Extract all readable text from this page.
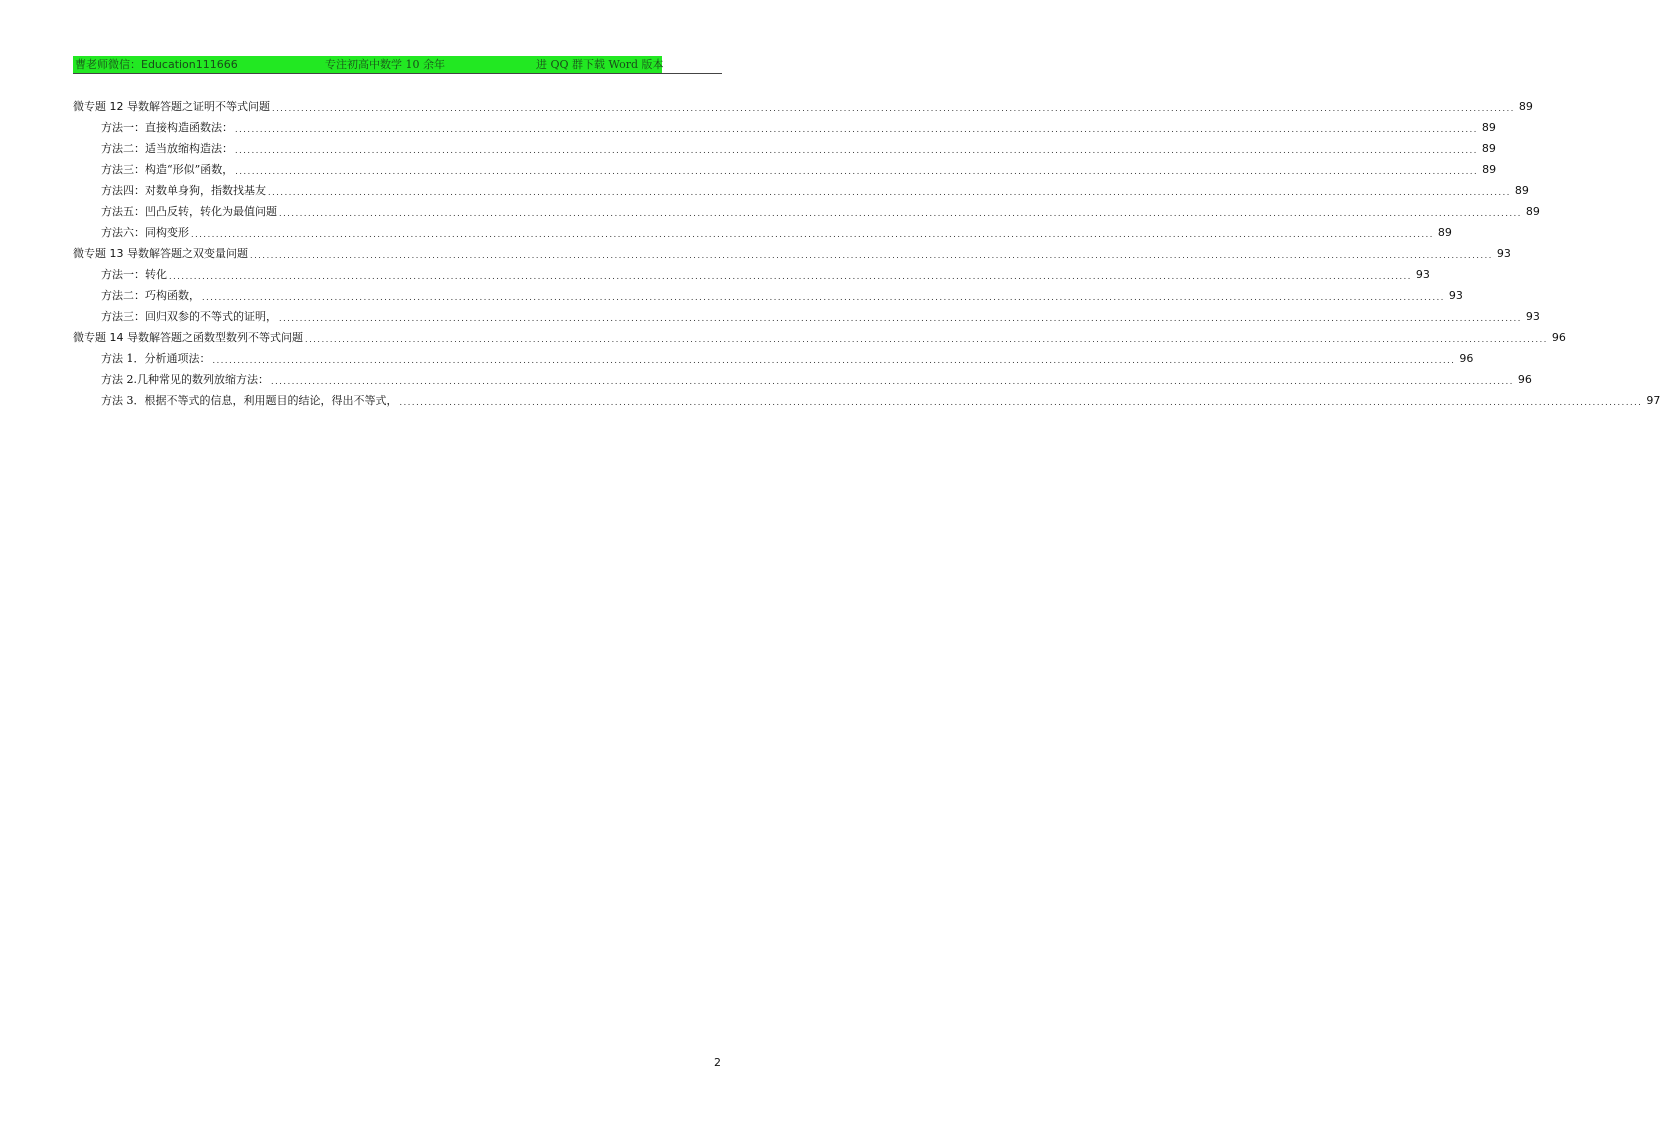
曹老师微信：Education111666	专注初高中数学 10 余年	进 QQ 群下载 Word 版本
微专题 12 导数解答题之证明不等式问题 ............................................................................................................................................................................................................................................................................................................ 89
方法一：直接构造函数法： ............................................................................................................................................................................................................................................................................................................ 89
方法二：适当放缩构造法： ............................................................................................................................................................................................................................................................................................................ 89
方法三：构造“形似”函数， ............................................................................................................................................................................................................................................................................................................ 89
方法四：对数单身狗，指数找基友 ............................................................................................................................................................................................................................................................................................................ 89
方法五：凹凸反转，转化为最值问题 ............................................................................................................................................................................................................................................................................................................ 89
方法六：同构变形 ............................................................................................................................................................................................................................................................................................................ 89
微专题 13 导数解答题之双变量问题 ............................................................................................................................................................................................................................................................................................................ 93
方法一：转化 ............................................................................................................................................................................................................................................................................................................ 93
方法二：巧构函数， ............................................................................................................................................................................................................................................................................................................ 93
方法三：回归双参的不等式的证明， ............................................................................................................................................................................................................................................................................................................ 93
微专题 14 导数解答题之函数型数列不等式问题 ............................................................................................................................................................................................................................................................................................................ 96
方法 1．分析通项法： ............................................................................................................................................................................................................................................................................................................ 96
方法 2.几种常见的数列放缩方法： ............................................................................................................................................................................................................................................................................................................ 96
方法 3．根据不等式的信息，利用题目的结论，得出不等式， ............................................................................................................................................................................................................................................................................................................ 97
2
